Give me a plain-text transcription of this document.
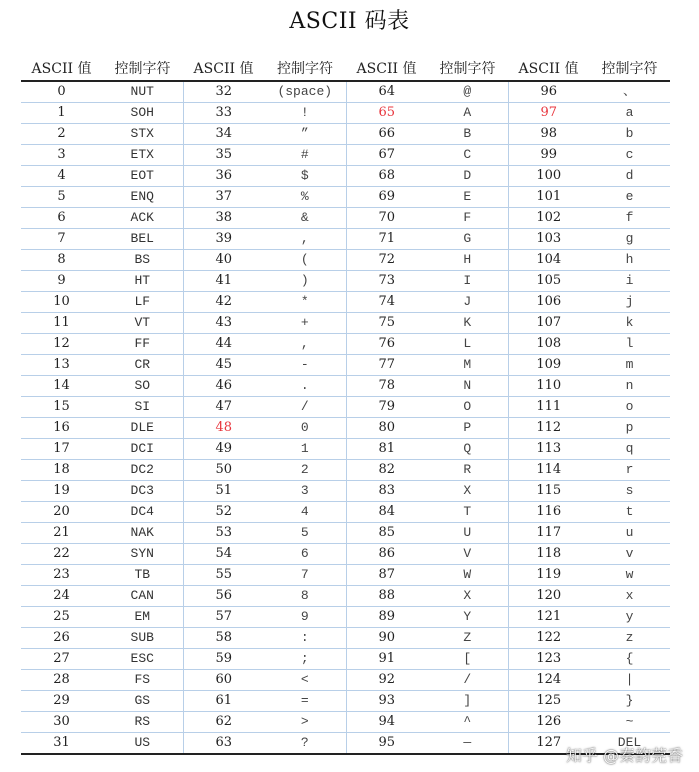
ASCII 码表
ASCII 值	控制字符	ASCII 值	控制字符	ASCII 值	控制字符	ASCII 值	控制字符
0	NUT	32	(space)	64	@	96	、
1	SOH	33	!	65	A	97	a
2	STX	34	”	66	B	98	b
3	ETX	35	#	67	C	99	c
4	EOT	36	$	68	D	100	d
5	ENQ	37	%	69	E	101	e
6	ACK	38	&	70	F	102	f
7	BEL	39	,	71	G	103	g
8	BS	40	(	72	H	104	h
9	HT	41	)	73	I	105	i
10	LF	42	*	74	J	106	j
11	VT	43	+	75	K	107	k
12	FF	44	,	76	L	108	l
13	CR	45	-	77	M	109	m
14	SO	46	.	78	N	110	n
15	SI	47	/	79	O	111	o
16	DLE	48	0	80	P	112	p
17	DCI	49	1	81	Q	113	q
18	DC2	50	2	82	R	114	r
19	DC3	51	3	83	X	115	s
20	DC4	52	4	84	T	116	t
21	NAK	53	5	85	U	117	u
22	SYN	54	6	86	V	118	v
23	TB	55	7	87	W	119	w
24	CAN	56	8	88	X	120	x
25	EM	57	9	89	Y	121	y
26	SUB	58	:	90	Z	122	z
27	ESC	59	;	91	[	123	{
28	FS	60	<	92	/	124	|
29	GS	61	=	93	]	125	}
30	RS	62	>	94	^	126	~
31	US	63	?	95	—	127	DEL
知乎 @秦韵莞香
